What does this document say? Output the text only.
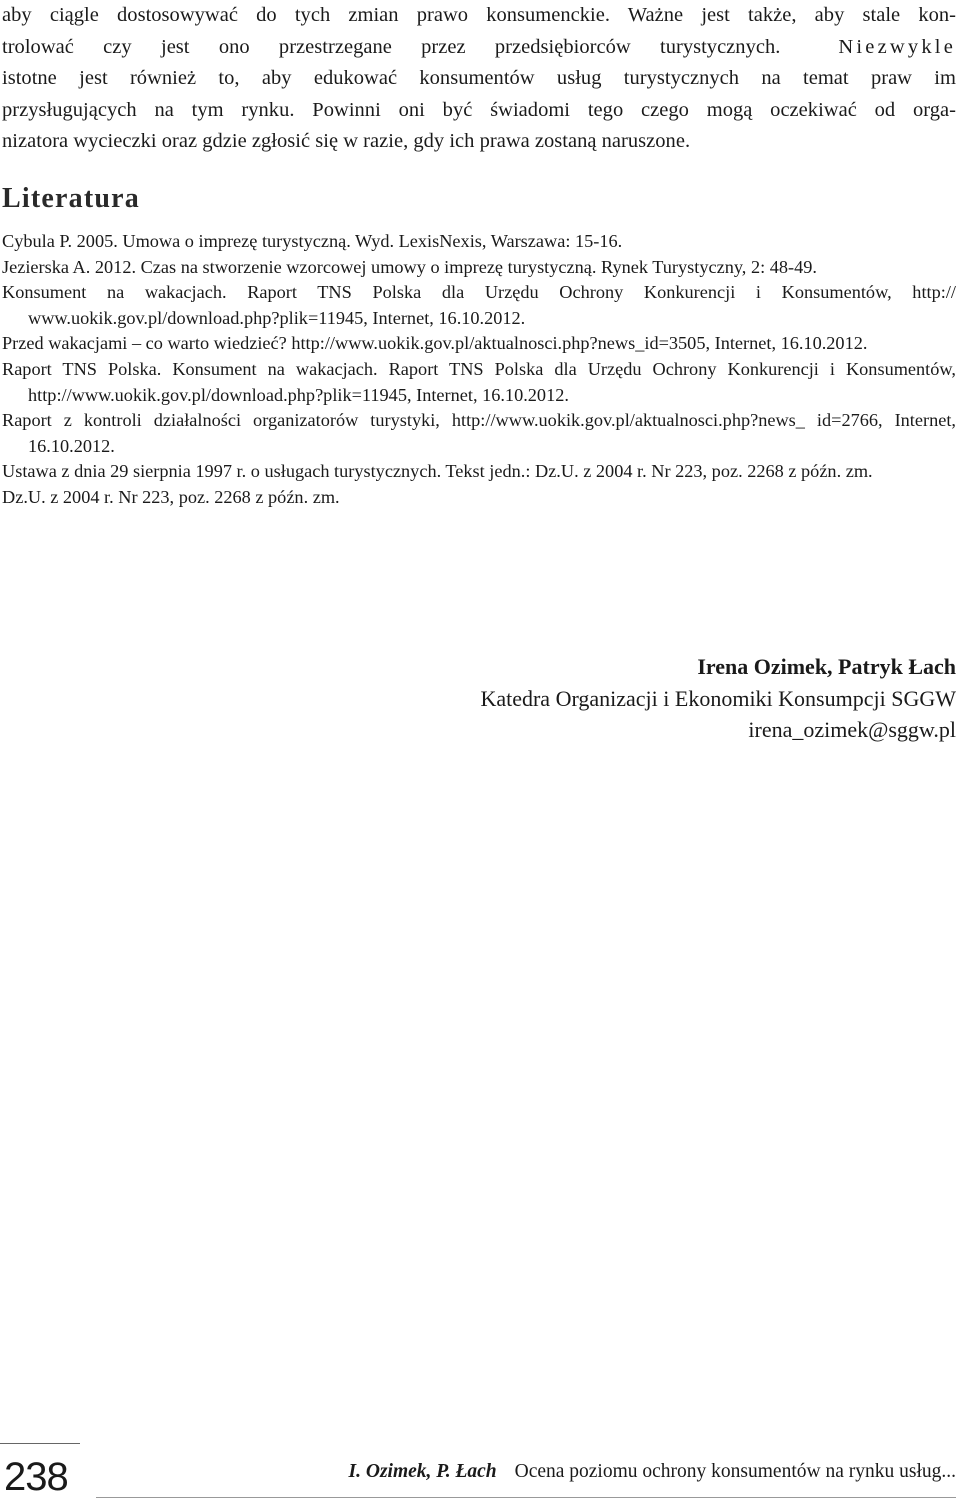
aby ciągle dostosowywać do tych zmian prawo konsumenckie. Ważne jest także, aby stale kon-
trolować czy jest ono przestrzegane przez przedsiębiorców turystycznych.	Niezwykle
istotne jest również to, aby edukować konsumentów usług turystycznych na temat praw im
przysługujących na tym rynku. Powinni oni być świadomi tego czego mogą oczekiwać od orga-
nizatora wycieczki oraz gdzie zgłosić się w razie, gdy ich prawa zostaną naruszone.
Literatura
Cybula P. 2005. Umowa o imprezę turystyczną. Wyd. LexisNexis, Warszawa: 15-16.
Jezierska A. 2012. Czas na stworzenie wzorcowej umowy o imprezę turystyczną. Rynek Turystyczny, 2: 48-49.
Konsument na wakacjach. Raport TNS Polska dla Urzędu Ochrony Konkurencji i Konsumentów, http:// www.uokik.gov.pl/download.php?plik=11945, Internet, 16.10.2012.
Przed wakacjami – co warto wiedzieć? http://www.uokik.gov.pl/aktualnosci.php?news_id=3505, Internet, 16.10.2012.
Raport TNS Polska. Konsument na wakacjach. Raport TNS Polska dla Urzędu Ochrony Konkurencji i Konsumentów, http://www.uokik.gov.pl/download.php?plik=11945, Internet, 16.10.2012.
Raport z kontroli działalności organizatorów turystyki, http://www.uokik.gov.pl/aktualnosci.php?news_ id=2766, Internet, 16.10.2012.
Ustawa z dnia 29 sierpnia 1997 r. o usługach turystycznych. Tekst jedn.: Dz.U. z 2004 r. Nr 223, poz. 2268 z późn. zm.
Dz.U. z 2004 r. Nr 223, poz. 2268 z późn. zm.
Irena Ozimek, Patryk Łach
Katedra Organizacji i Ekonomiki Konsumpcji SGGW
irena_ozimek@sggw.pl
238	I. Ozimek, P. Łach Ocena poziomu ochrony konsumentów na rynku usług...
